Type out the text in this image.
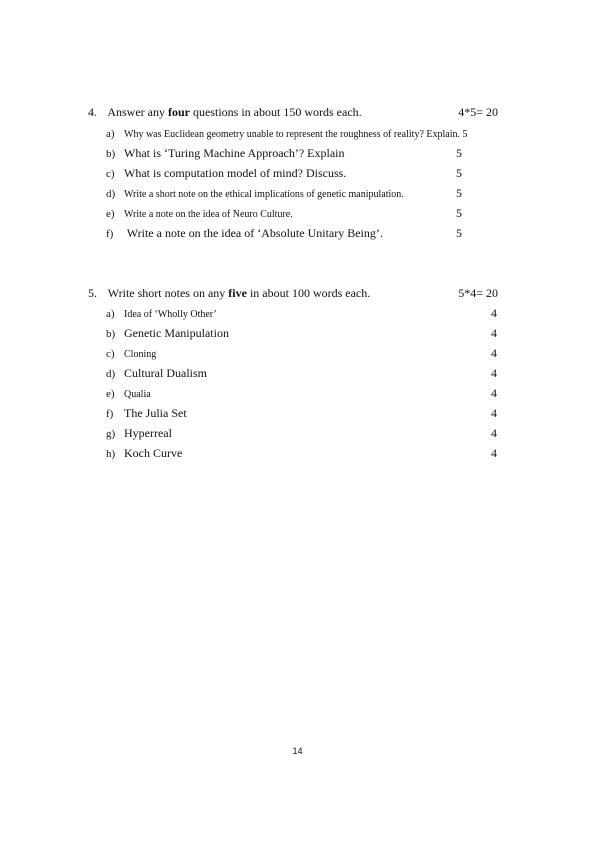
4. Answer any four questions in about 150 words each.	4*5= 20
a) Why was Euclidean geometry unable to represent the roughness of reality? Explain. 5
b) What is ‘Turing Machine Approach’? Explain	5
c) What is computation model of mind? Discuss.	5
d) Write a short note on the ethical implications of genetic manipulation.	5
e) Write a note on the idea of Neuro Culture.	5
f) Write a note on the idea of ‘Absolute Unitary Being’.	5
5. Write short notes on any five in about 100 words each.	5*4= 20
a) Idea of ‘Wholly Other’	4
b) Genetic Manipulation	4
c) Cloning	4
d) Cultural Dualism	4
e) Qualia	4
f) The Julia Set	4
g) Hyperreal	4
h) Koch Curve	4
14
